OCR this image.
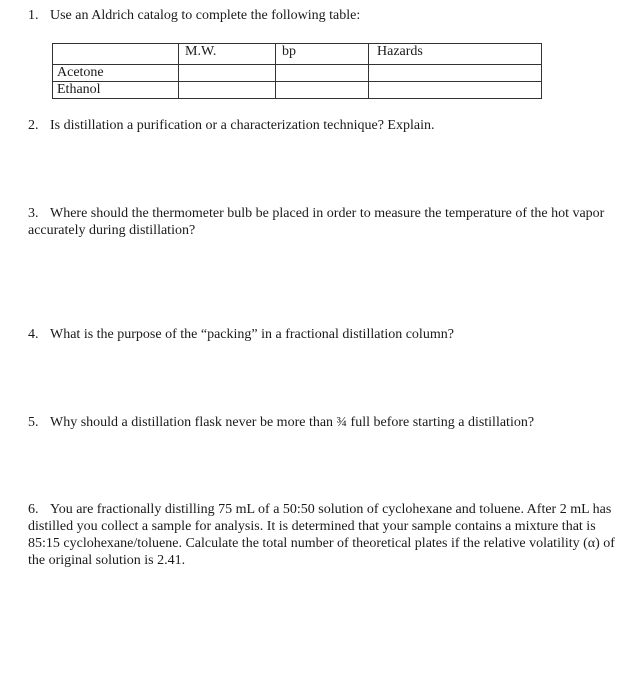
1. Use an Aldrich catalog to complete the following table:
	M.W.	bp	Hazards
Acetone			
Ethanol			
2. Is distillation a purification or a characterization technique? Explain.
3. Where should the thermometer bulb be placed in order to measure the temperature of the hot vapor accurately during distillation?
4. What is the purpose of the “packing” in a fractional distillation column?
5. Why should a distillation flask never be more than ¾ full before starting a distillation?
6. You are fractionally distilling 75 mL of a 50:50 solution of cyclohexane and toluene. After 2 mL has distilled you collect a sample for analysis. It is determined that your sample contains a mixture that is 85:15 cyclohexane/toluene. Calculate the total number of theoretical plates if the relative volatility (α) of the original solution is 2.41.
